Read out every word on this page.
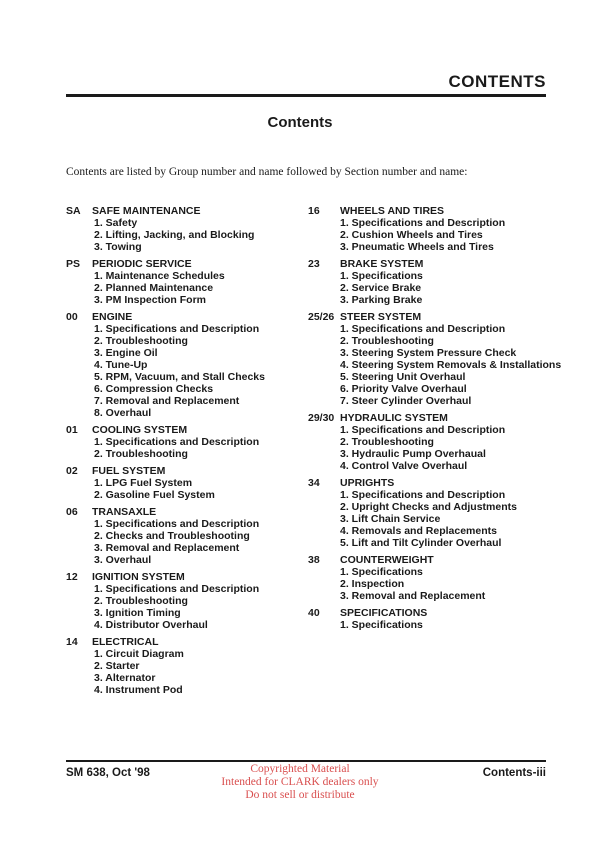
CONTENTS
Contents
Contents are listed by Group number and name followed by Section number and name:
SA	SAFE MAINTENANCE
1. Safety
2. Lifting, Jacking, and Blocking
3. Towing
PS	PERIODIC SERVICE
1. Maintenance Schedules
2. Planned Maintenance
3. PM Inspection Form
00	ENGINE
1. Specifications and Description
2. Troubleshooting
3. Engine Oil
4. Tune-Up
5. RPM, Vacuum, and Stall Checks
6. Compression Checks
7. Removal and Replacement
8. Overhaul
01	COOLING SYSTEM
1. Specifications and Description
2. Troubleshooting
02	FUEL SYSTEM
1. LPG Fuel System
2. Gasoline Fuel System
06	TRANSAXLE
1. Specifications and Description
2. Checks and Troubleshooting
3. Removal and Replacement
3. Overhaul
12	IGNITION SYSTEM
1. Specifications and Description
2. Troubleshooting
3. Ignition Timing
4. Distributor Overhaul
14	ELECTRICAL
1. Circuit Diagram
2. Starter
3. Alternator
4. Instrument Pod
16	WHEELS AND TIRES
1. Specifications and Description
2. Cushion Wheels and Tires
3. Pneumatic Wheels and Tires
23	BRAKE SYSTEM
1. Specifications
2. Service Brake
3. Parking Brake
25/26 STEER SYSTEM
1. Specifications and Description
2. Troubleshooting
3. Steering System Pressure Check
4. Steering System Removals & Installations
5. Steering Unit Overhaul
6. Priority Valve Overhaul
7. Steer Cylinder Overhaul
29/30 HYDRAULIC SYSTEM
1. Specifications and Description
2. Troubleshooting
3. Hydraulic Pump Overhaual
4. Control Valve Overhaul
34	UPRIGHTS
1. Specifications and Description
2. Upright Checks and Adjustments
3. Lift Chain Service
4. Removals and Replacements
5. Lift and Tilt Cylinder Overhaul
38	COUNTERWEIGHT
1. Specifications
2. Inspection
3. Removal and Replacement
40	SPECIFICATIONS
1. Specifications
SM 638, Oct '98	Copyrighted Material
Intended for CLARK dealers only
Do not sell or distribute
Contents-iii
